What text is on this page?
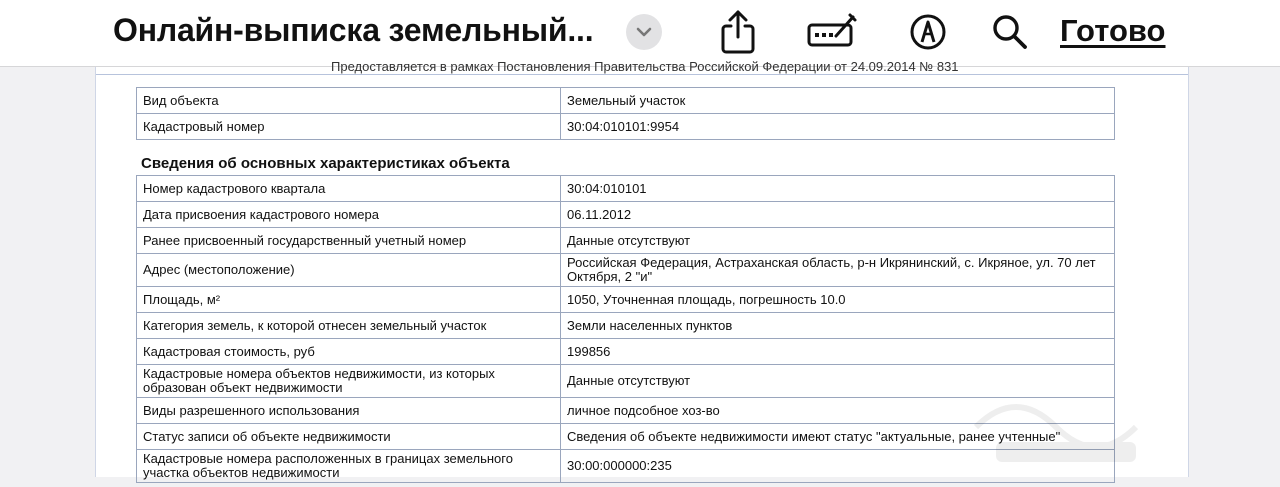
Онлайн-выписка земельный...	Готово
Предоставляется в рамках Постановления Правительства Российской Федерации от 24.09.2014 № 831
Вид объекта	Земельный участок
Кадастровый номер	30:04:010101:9954
Сведения об основных характеристиках объекта
Номер кадастрового квартала	30:04:010101
Дата присвоения кадастрового номера	06.11.2012
Ранее присвоенный государственный учетный номер	Данные отсутствуют
Адрес (местоположение)	Российская Федерация, Астраханская область, р-н Икрянинский, с. Икряное, ул. 70 лет Октября, 2 "и"
Площадь, м²	1050, Уточненная площадь, погрешность 10.0
Категория земель, к которой отнесен земельный участок	Земли населенных пунктов
Кадастровая стоимость, руб	199856
Кадастровые номера объектов недвижимости, из которых образован объект недвижимости	Данные отсутствуют
Виды разрешенного использования	личное подсобное хоз-во
Статус записи об объекте недвижимости	Сведения об объекте недвижимости имеют статус "актуальные, ранее учтенные"
Кадастровые номера расположенных в границах земельного участка объектов недвижимости	30:00:000000:235
